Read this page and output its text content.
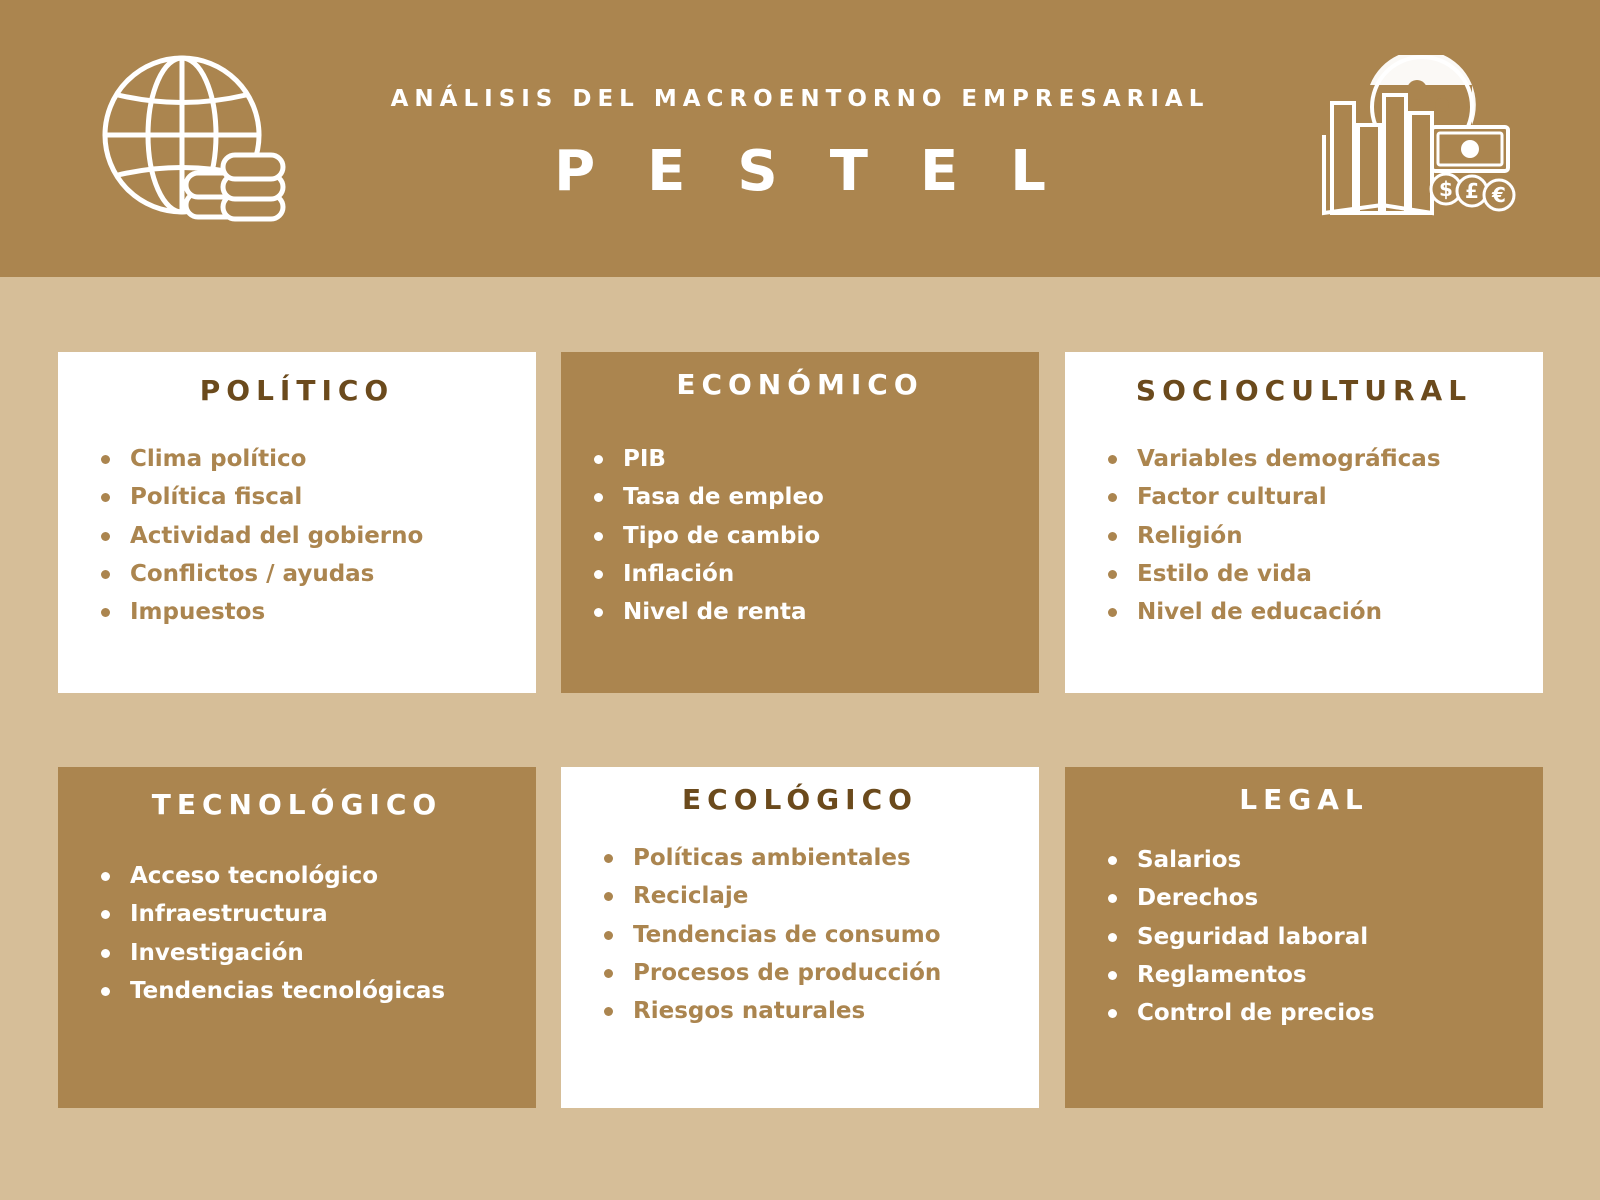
ANÁLISIS DEL MACROENTORNO EMPRESARIAL
PESTEL	$ £ €
POLÍTICO
Clima político
Política fiscal
Actividad del gobierno
Conflictos / ayudas
Impuestos
ECONÓMICO
PIB
Tasa de empleo
Tipo de cambio
Inflación
Nivel de renta
SOCIOCULTURAL
Variables demográficas
Factor cultural
Religión
Estilo de vida
Nivel de educación
TECNOLÓGICO
Acceso tecnológico
Infraestructura
Investigación
Tendencias tecnológicas
ECOLÓGICO
Políticas ambientales
Reciclaje
Tendencias de consumo
Procesos de producción
Riesgos naturales
LEGAL
Salarios
Derechos
Seguridad laboral
Reglamentos
Control de precios
